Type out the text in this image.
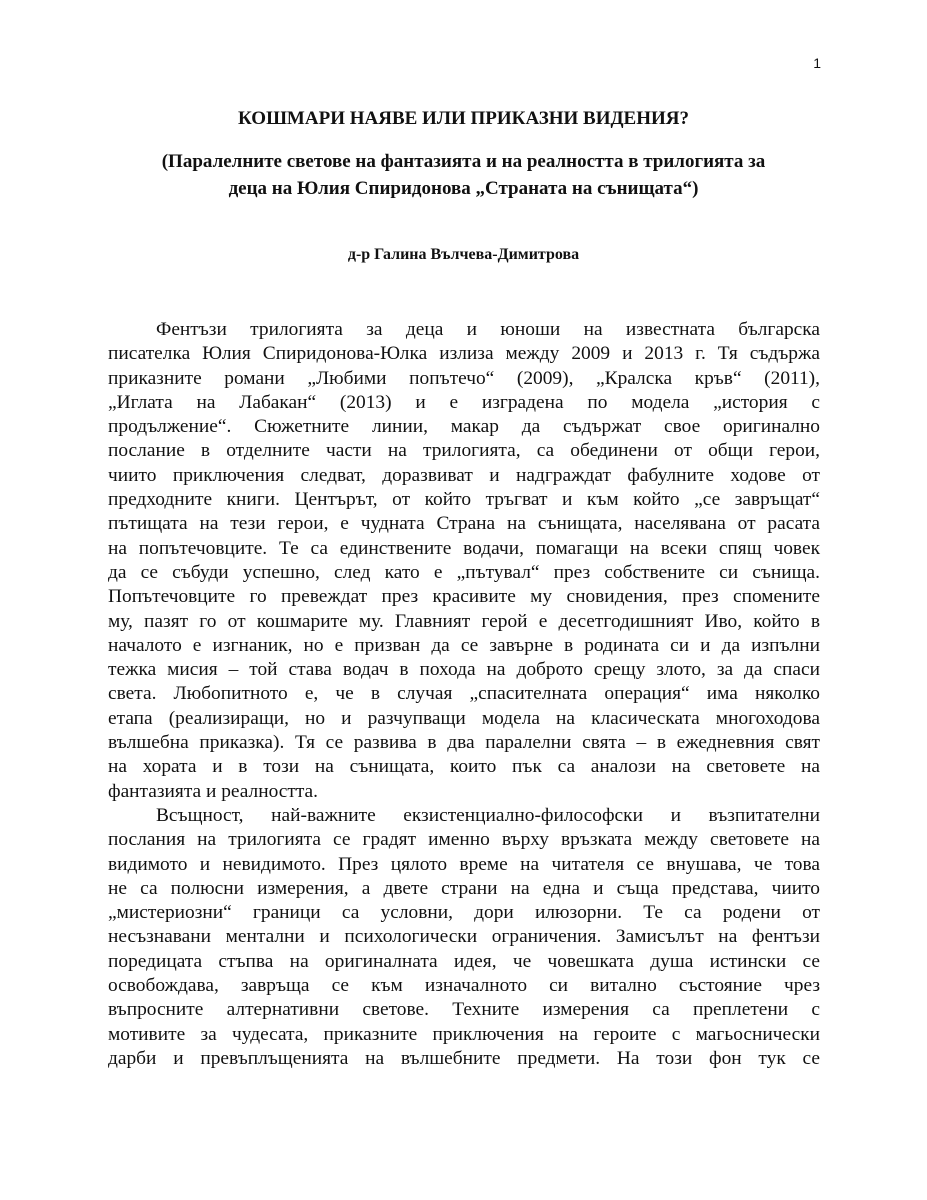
1
КОШМАРИ НАЯВЕ ИЛИ ПРИКАЗНИ ВИДЕНИЯ?
(Паралелните светове на фантазията и на реалността в трилогията за
деца на Юлия Спиридонова „Страната на сънищата“)
д-р Галина Вълчева-Димитрова

Фентъзи трилогията за деца и юноши на известната българска
писателка Юлия Спиридонова-Юлка излиза между 2009 и 2013 г. Тя съдържа
приказните романи „Любими попътечо“ (2009), „Кралска кръв“ (2011),
„Иглата на Лабакан“ (2013) и е изградена по модела „история с
продължение“. Сюжетните линии, макар да съдържат свое оригинално
послание в отделните части на трилогията, са обединени от общи герои,
чиито приключения следват, доразвиват и надграждат фабулните ходове от
предходните книги. Центърът, от който тръгват и към който „се завръщат“
пътищата на тези герои, е чудната Страна на сънищата, населявана от расата
на попътечовците. Те са единствените водачи, помагащи на всеки спящ човек
да се събуди успешно, след като е „пътувал“ през собствените си сънища.
Попътечовците го превеждат през красивите му сновидения, през спомените
му, пазят го от кошмарите му. Главният герой е десетгодишният Иво, който в
началото е изгнаник, но е призван да се завърне в родината си и да изпълни
тежка мисия – той става водач в похода на доброто срещу злото, за да спаси
света. Любопитното е, че в случая „спасителната операция“ има няколко
етапа (реализиращи, но и разчупващи модела на класическата многоходова
вълшебна приказка). Тя се развива в два паралелни свята – в ежедневния свят
на хората и в този на сънищата, които пък са аналози на световете на
фантазията и реалността.

Всъщност, най-важните екзистенциално-философски и възпитателни
послания на трилогията се градят именно върху връзката между световете на
видимото и невидимото. През цялото време на читателя се внушава, че това
не са полюсни измерения, а двете страни на една и съща представа, чиито
„мистериозни“ граници са условни, дори илюзорни. Те са родени от
несъзнавани ментални и психологически ограничения. Замисълът на фентъзи
поредицата стъпва на оригиналната идея, че човешката душа истински се
освобождава, завръща се към изначалното си витално състояние чрез
въпросните алтернативни светове. Техните измерения са преплетени с
мотивите за чудесата, приказните приключения на героите с магьоснически
дарби и превъплъщенията на вълшебните предмети. На този фон тук се
